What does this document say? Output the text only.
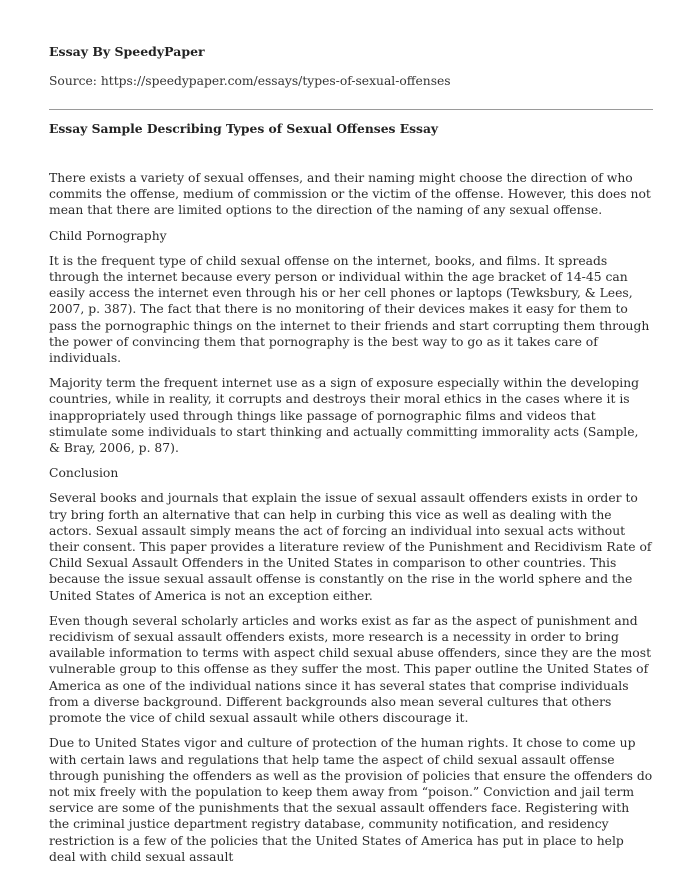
Essay By SpeedyPaper
Source: https://speedypaper.com/essays/types-of-sexual-offenses
Essay Sample Describing Types of Sexual Offenses Essay

There exists a variety of sexual offenses, and their naming might choose the direction of who commits the offense, medium of commission or the victim of the offense. However, this does not mean that there are limited options to the direction of the naming of any sexual offense.

Child Pornography

It is the frequent type of child sexual offense on the internet, books, and films. It spreads through the internet because every person or individual within the age bracket of 14-45 can easily access the internet even through his or her cell phones or laptops (Tewksbury, & Lees, 2007, p. 387). The fact that there is no monitoring of their devices makes it easy for them to pass the pornographic things on the internet to their friends and start corrupting them through the power of convincing them that pornography is the best way to go as it takes care of individuals.

Majority term the frequent internet use as a sign of exposure especially within the developing countries, while in reality, it corrupts and destroys their moral ethics in the cases where it is inappropriately used through things like passage of pornographic films and videos that stimulate some individuals to start thinking and actually committing immorality acts (Sample, & Bray, 2006, p. 87).

Conclusion

Several books and journals that explain the issue of sexual assault offenders exists in order to try bring forth an alternative that can help in curbing this vice as well as dealing with the actors. Sexual assault simply means the act of forcing an individual into sexual acts without their consent. This paper provides a literature review of the Punishment and Recidivism Rate of Child Sexual Assault Offenders in the United States in comparison to other countries. This because the issue sexual assault offense is constantly on the rise in the world sphere and the United States of America is not an exception either.

Even though several scholarly articles and works exist as far as the aspect of punishment and recidivism of sexual assault offenders exists, more research is a necessity in order to bring available information to terms with aspect child sexual abuse offenders, since they are the most vulnerable group to this offense as they suffer the most. This paper outline the United States of America as one of the individual nations since it has several states that comprise individuals from a diverse background. Different backgrounds also mean several cultures that others promote the vice of child sexual assault while others discourage it.

Due to United States vigor and culture of protection of the human rights. It chose to come up with certain laws and regulations that help tame the aspect of child sexual assault offense through punishing the offenders as well as the provision of policies that ensure the offenders do not mix freely with the population to keep them away from “poison.” Conviction and jail term service are some of the punishments that the sexual assault offenders face. Registering with the criminal justice department registry database, community notification, and residency restriction is a few of the policies that the United States of America has put in place to help deal with child sexual assault
